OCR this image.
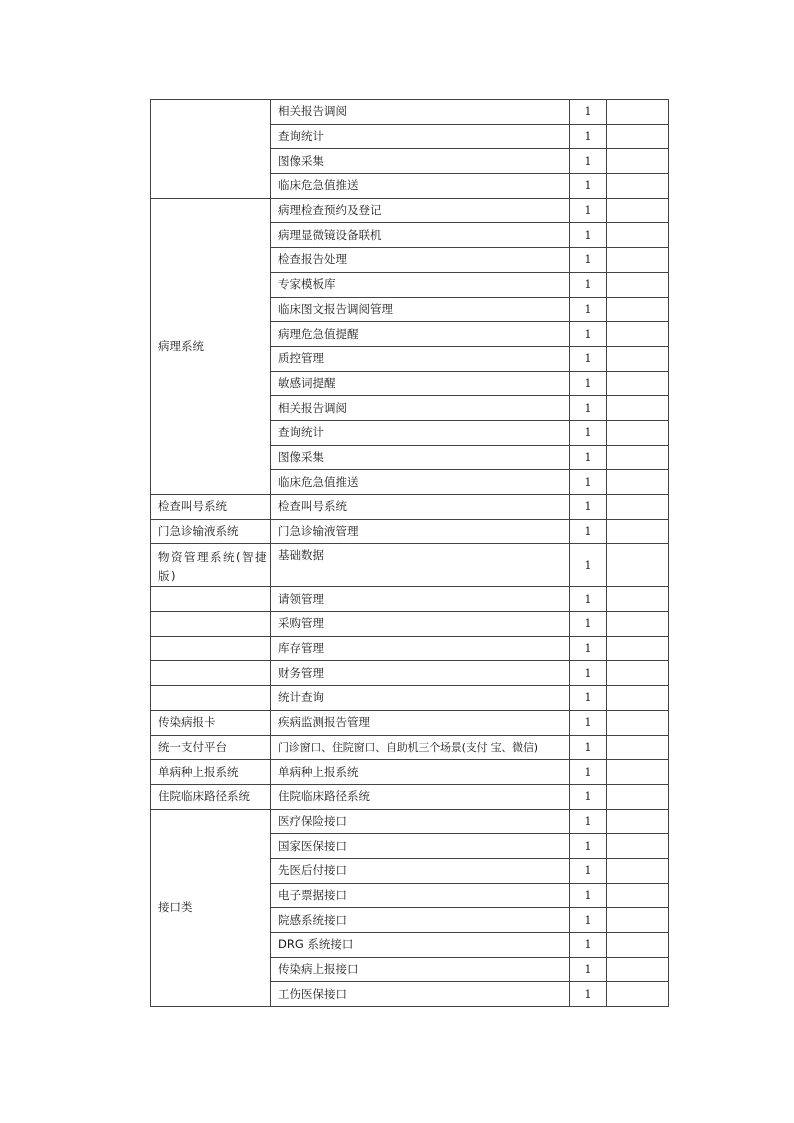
	相关报告调阅	1	
	查询统计	1	
	图像采集	1	
	临床危急值推送	1	
病理系统	病理检查预约及登记	1	
	病理显微镜设备联机	1	
	检查报告处理	1	
	专家模板库	1	
	临床图文报告调阅管理	1	
	病理危急值提醒	1	
	质控管理	1	
	敏感词提醒	1	
	相关报告调阅	1	
	查询统计	1	
	图像采集	1	
	临床危急值推送	1	
检查叫号系统	检查叫号系统	1	
门急诊输液系统	门急诊输液管理	1	
物资管理系统(智捷版)	基础数据	1	
	请领管理	1	
	采购管理	1	
	库存管理	1	
	财务管理	1	
	统计查询	1	
传染病报卡	疾病监测报告管理	1	
统一支付平台	门诊窗口、住院窗口、自助机三个场景(支付 宝、微信)	1	
单病种上报系统	单病种上报系统	1	
住院临床路径系统	住院临床路径系统	1	
接口类	医疗保险接口	1	
	国家医保接口	1	
	先医后付接口	1	
	电子票据接口	1	
	院感系统接口	1	
	DRG 系统接口	1	
	传染病上报接口	1	
	工伤医保接口	1	
